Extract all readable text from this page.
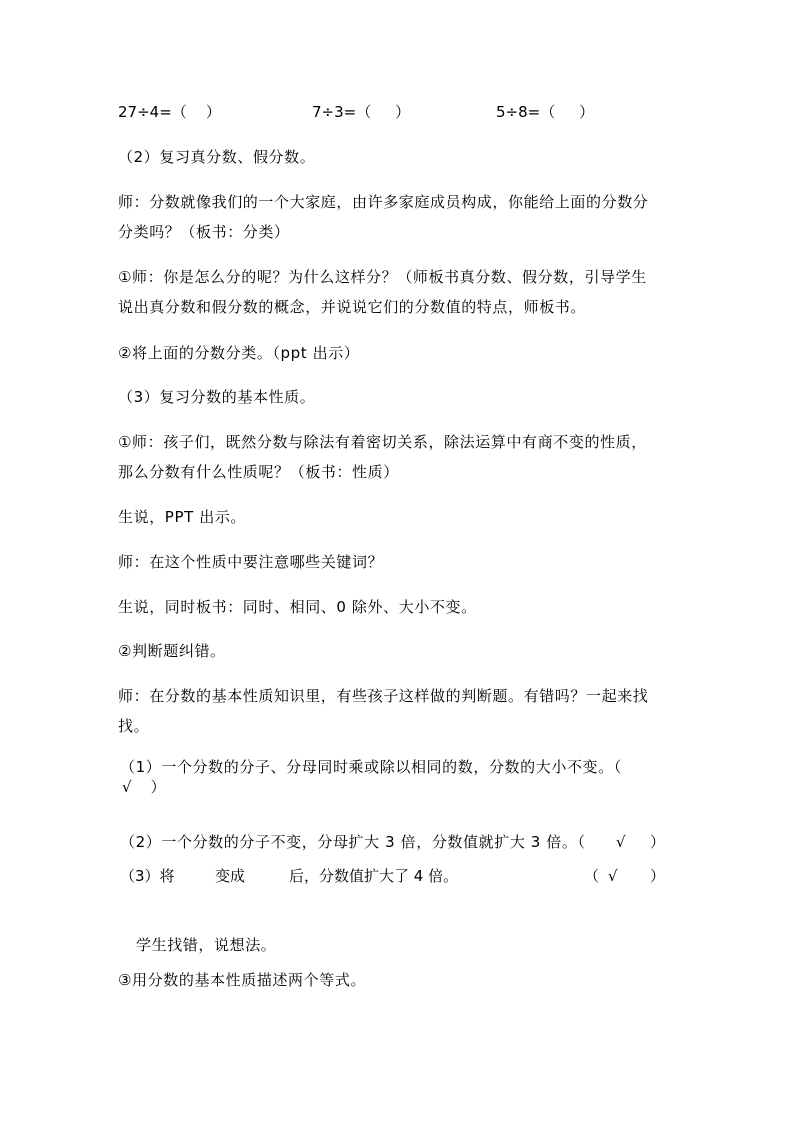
27÷4=（    ）	7÷3=（     ）	5÷8=（     ）
（2）复习真分数、假分数。
师：分数就像我们的一个大家庭，由许多家庭成员构成，你能给上面的分数分
分类吗？（板书：分类）
①师：你是怎么分的呢？为什么这样分？（师板书真分数、假分数，引导学生
说出真分数和假分数的概念，并说说它们的分数值的特点，师板书。
②将上面的分数分类。（ppt 出示）
（3）复习分数的基本性质。
①师：孩子们，既然分数与除法有着密切关系，除法运算中有商不变的性质，
那么分数有什么性质呢？（板书：性质）
生说，PPT 出示。
师：在这个性质中要注意哪些关键词？
生说，同时板书：同时、相同、0 除外、大小不变。
②判断题纠错。
师：在分数的基本性质知识里，有些孩子这样做的判断题。有错吗？一起来找
找。
（1）一个分数的分子、分母同时乘或除以相同的数，分数的大小不变。（
√    ）
（2）一个分数的分子不变，分母扩大 3 倍，分数值就扩大 3 倍。（ √ ）
（3）将	变成	后，分数值扩大了 4 倍。	（ √ ）
学生找错，说想法。
③用分数的基本性质描述两个等式。
